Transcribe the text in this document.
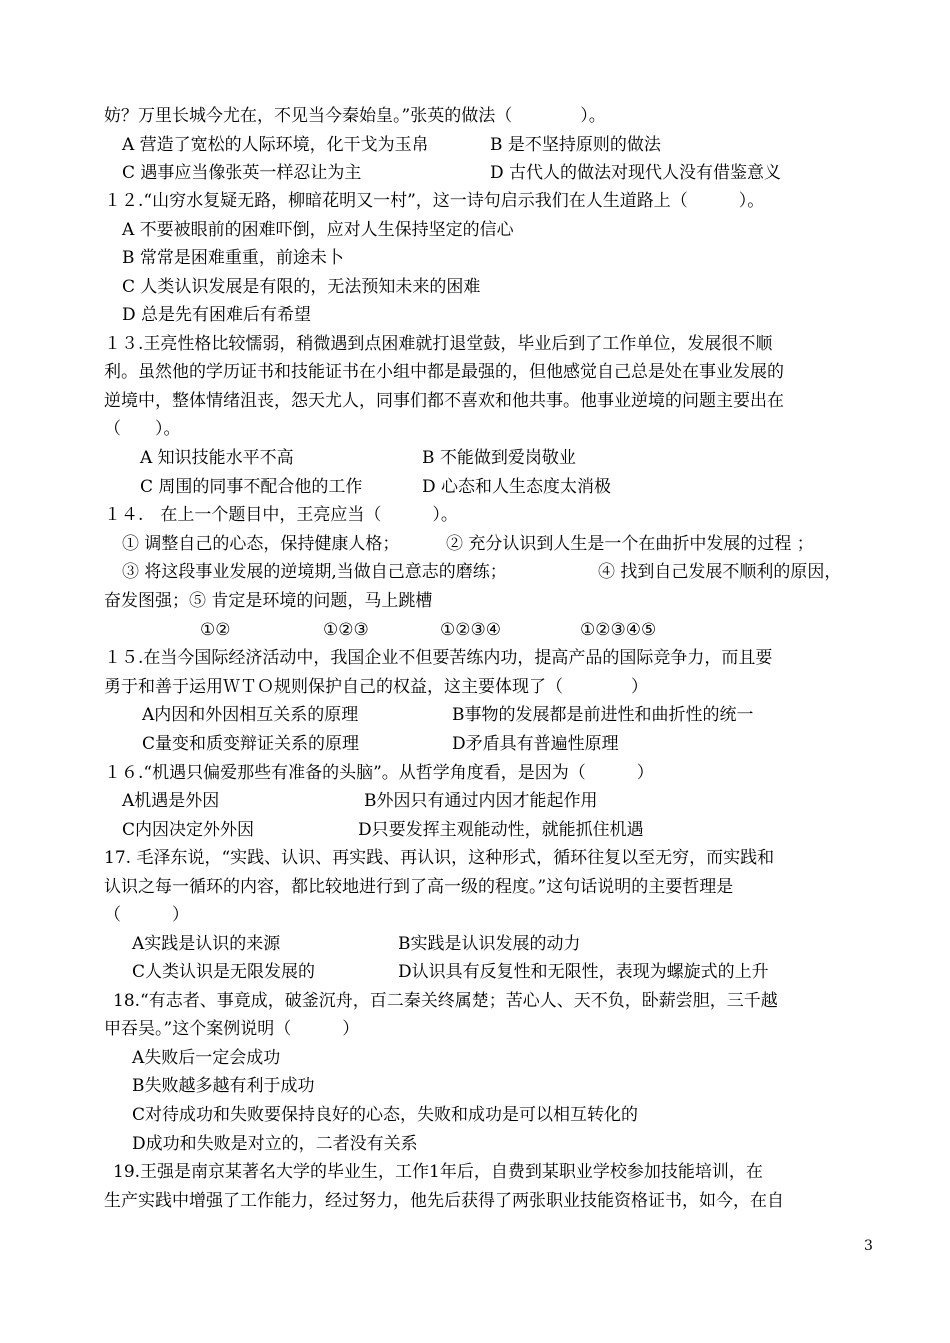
妨？万里长城今尤在，不见当今秦始皇。”张英的做法（　　　　）。
A 营造了宽松的人际环境，化干戈为玉帛	B 是不坚持原则的做法
C 遇事应当像张英一样忍让为主	D 古代人的做法对现代人没有借鉴意义
１２.“山穷水复疑无路，柳暗花明又一村”，这一诗句启示我们在人生道路上（　　　）。
A 不要被眼前的困难吓倒，应对人生保持坚定的信心
B 常常是困难重重，前途未卜
C 人类认识发展是有限的，无法预知未来的困难
D 总是先有困难后有希望
１３.王亮性格比较懦弱，稍微遇到点困难就打退堂鼓，毕业后到了工作单位，发展很不顺
利。虽然他的学历证书和技能证书在小组中都是最强的，但他感觉自己总是处在事业发展的
逆境中，整体情绪沮丧，怨天尤人，同事们都不喜欢和他共事。他事业逆境的问题主要出在
（　　）。
A 知识技能水平不高	B 不能做到爱岗敬业
C 周围的同事不配合他的工作	D 心态和人生态度太消极
１４.　在上一个题目中，王亮应当（　　　）。
① 调整自己的心态，保持健康人格；	② 充分认识到人生是一个在曲折中发展的过程 ；
③ 将这段事业发展的逆境期,当做自己意志的磨练；	④ 找到自己发展不顺利的原因，
奋发图强；⑤ 肯定是环境的问题，马上跳槽
①②	①②③	①②③④	①②③④⑤
１５.在当今国际经济活动中，我国企业不但要苦练内功，提高产品的国际竞争力，而且要
勇于和善于运用ＷＴＯ规则保护自己的权益，这主要体现了（　　　　）
A内因和外因相互关系的原理	B事物的发展都是前进性和曲折性的统一
C量变和质变辩证关系的原理	D矛盾具有普遍性原理
１６.“机遇只偏爱那些有准备的头脑”。从哲学角度看，是因为（　　　）
A机遇是外因	B外因只有通过内因才能起作用
C内因决定外外因	D只要发挥主观能动性，就能抓住机遇
17. 毛泽东说，“实践、认识、再实践、再认识，这种形式，循环往复以至无穷，而实践和
认识之每一循环的内容，都比较地进行到了高一级的程度。”这句话说明的主要哲理是
（　　　）
A实践是认识的来源	B实践是认识发展的动力
C人类认识是无限发展的	D认识具有反复性和无限性，表现为螺旋式的上升
18.“有志者、事竟成，破釜沉舟，百二秦关终属楚；苦心人、天不负，卧薪尝胆，三千越
甲吞吴。”这个案例说明（　　　）
A失败后一定会成功
B失败越多越有利于成功
C对待成功和失败要保持良好的心态，失败和成功是可以相互转化的
D成功和失败是对立的，二者没有关系
19.王强是南京某著名大学的毕业生，工作1年后，自费到某职业学校参加技能培训，在
生产实践中增强了工作能力，经过努力，他先后获得了两张职业技能资格证书，如今，在自
3
